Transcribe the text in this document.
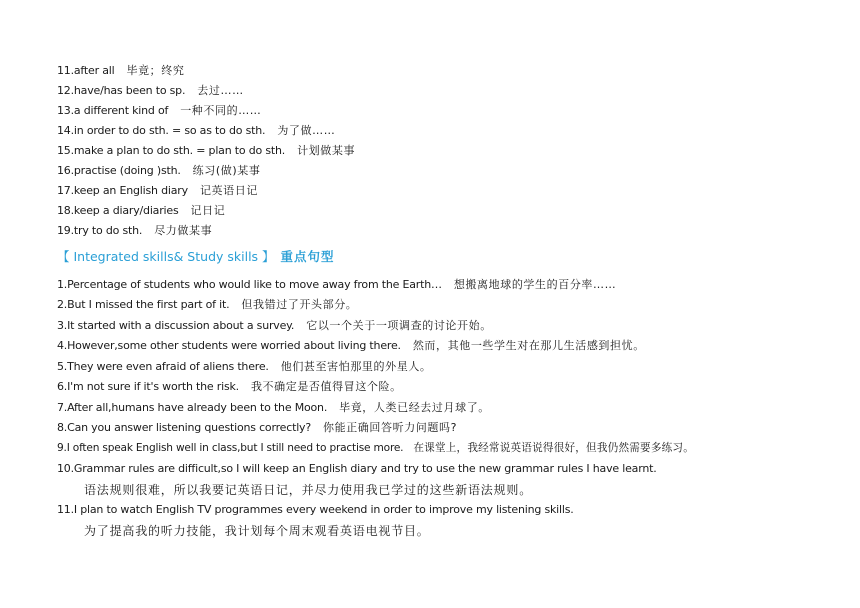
11.after all 毕竟；终究
12.have/has been to sp. 去过……
13.a different kind of 一种不同的……
14.in order to do sth. = so as to do sth. 为了做……
15.make a plan to do sth. = plan to do sth. 计划做某事
16.practise (doing )sth. 练习(做)某事
17.keep an English diary 记英语日记
18.keep a diary/diaries 记日记
19.try to do sth. 尽力做某事
【 Integrated skills& Study skills 】 重点句型
1.Percentage of students who would like to move away from the Earth… 想搬离地球的学生的百分率……
2.But I missed the first part of it. 但我错过了开头部分。
3.It started with a discussion about a survey. 它以一个关于一项调查的讨论开始。
4.However,some other students were worried about living there. 然而，其他一些学生对在那儿生活感到担忧。
5.They were even afraid of aliens there. 他们甚至害怕那里的外星人。
6.I'm not sure if it's worth the risk. 我不确定是否值得冒这个险。
7.After all,humans have already been to the Moon. 毕竟，人类已经去过月球了。
8.Can you answer listening questions correctly? 你能正确回答听力问题吗?
9.I often speak English well in class,but I still need to practise more. 在课堂上，我经常说英语说得很好，但我仍然需要多练习。
10.Grammar rules are difficult,so I will keep an English diary and try to use the new grammar rules I have learnt.
语法规则很难，所以我要记英语日记，并尽力使用我已学过的这些新语法规则。
11.I plan to watch English TV programmes every weekend in order to improve my listening skills.
为了提高我的听力技能，我计划每个周末观看英语电视节目。
